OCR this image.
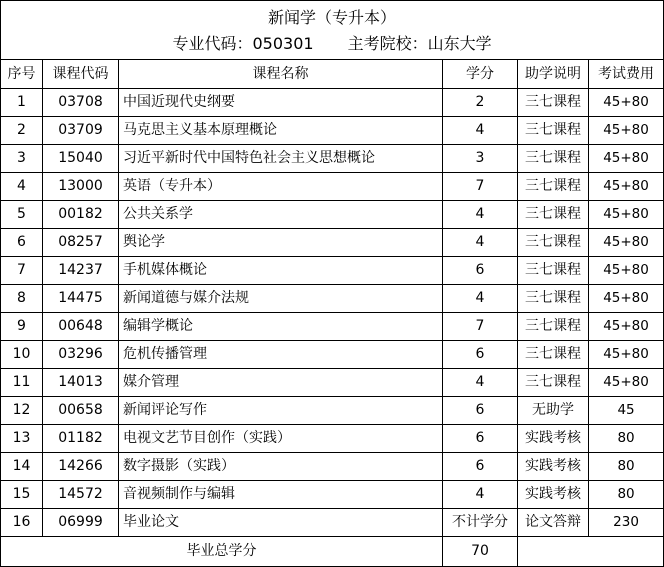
新闻学（专升本）
专业代码：050301 主考院校：山东大学					

序号	课程代码	课程名称	学分	助学说明	考试费用
1	03708	中国近现代史纲要	2	三七课程	45+80
2	03709	马克思主义基本原理概论	4	三七课程	45+80
3	15040	习近平新时代中国特色社会主义思想概论	3	三七课程	45+80
4	13000	英语（专升本）	7	三七课程	45+80
5	00182	公共关系学	4	三七课程	45+80
6	08257	舆论学	4	三七课程	45+80
7	14237	手机媒体概论	6	三七课程	45+80
8	14475	新闻道德与媒介法规	4	三七课程	45+80
9	00648	编辑学概论	7	三七课程	45+80
10	03296	危机传播管理	6	三七课程	45+80
11	14013	媒介管理	4	三七课程	45+80
12	00658	新闻评论写作	6	无助学	45
13	01182	电视文艺节目创作（实践）	6	实践考核	80
14	14266	数字摄影（实践）	6	实践考核	80
15	14572	音视频制作与编辑	4	实践考核	80
16	06999	毕业论文	不计学分	论文答辩	230
毕业总学分			70		
